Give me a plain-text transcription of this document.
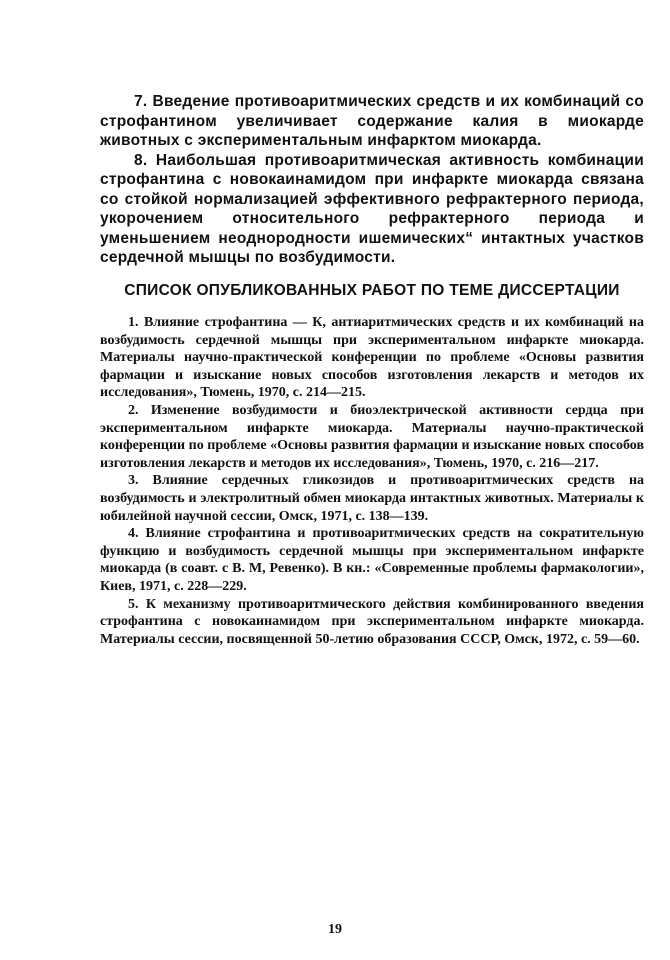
7. Введение противоаритмических средств и их комбинаций со строфантином увеличивает содержание калия в миокарде животных с экспериментальным инфарктом миокарда.

8. Наибольшая противоаритмическая активность комбинации строфантина с новокаинамидом при инфаркте миокарда связана со стойкой нормализацией эффективного рефрактерного периода, укорочением относительного рефрактерного периода и уменьшением неоднородности ишемических“ интактных участков сердечной мышцы по возбудимости.

СПИСОК ОПУБЛИКОВАННЫХ РАБОТ ПО ТЕМЕ ДИССЕРТАЦИИ

1. Влияние строфантина — К, антиаритмических средств и их комбинаций на возбудимость сердечной мышцы при экспериментальном инфаркте миокарда. Материалы научно-практической конференции по проблеме «Основы развития фармации и изыскание новых способов изготовления лекарств и методов их исследования», Тюмень, 1970, с. 214—215.

2. Изменение возбудимости и биоэлектрической активности сердца при экспериментальном инфаркте миокарда. Материалы научно-практической конференции по проблеме «Основы развития фармации и изыскание новых способов изготовления лекарств и методов их исследования», Тюмень, 1970, с. 216—217.

3. Влияние сердечных гликозидов и противоаритмических средств на возбудимость и электролитный обмен миокарда интактных животных. Материалы к юбилейной научной сессии, Омск, 1971, с. 138—139.

4. Влияние строфантина и противоаритмических средств на сократительную функцию и возбудимость сердечной мышцы при экспериментальном инфаркте миокарда (в соавт. с В. М, Ревенко). В кн.: «Современные проблемы фармакологии», Киев, 1971, с. 228—229.

5. К механизму противоаритмического действия комбинированного введения строфантина с новокаинамидом при экспериментальном инфаркте миокарда. Материалы сессии, посвященной 50-летию образования СССР, Омск, 1972, с. 59—60.

19
